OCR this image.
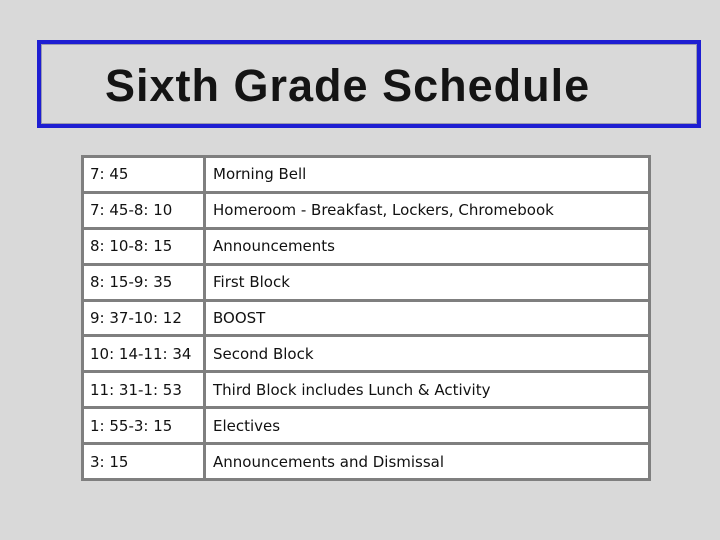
Sixth Grade Schedule
7: 45	Morning Bell
7: 45-8: 10	Homeroom - Breakfast, Lockers, Chromebook
8: 10-8: 15	Announcements
8: 15-9: 35	First Block
9: 37-10: 12	BOOST
10: 14-11: 34	Second Block
11: 31-1: 53	Third Block includes Lunch & Activity
1: 55-3: 15	Electives
3: 15	Announcements and Dismissal
